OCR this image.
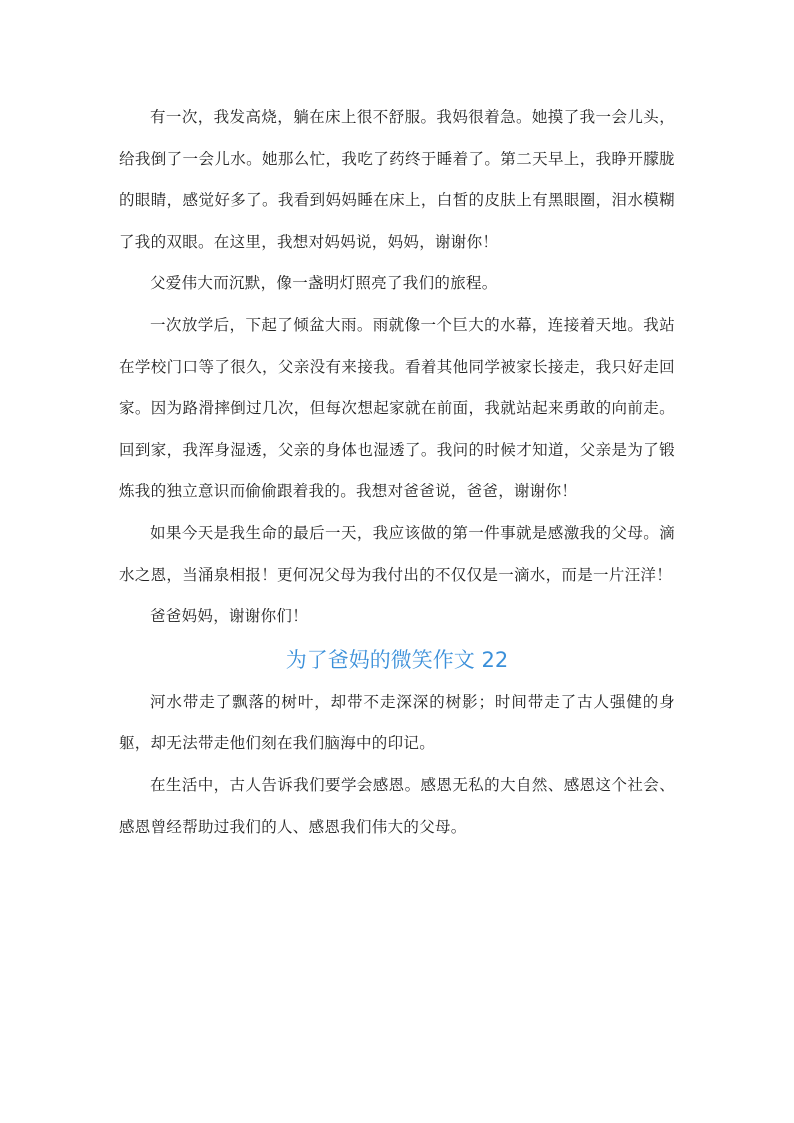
有一次，我发高烧，躺在床上很不舒服。我妈很着急。她摸了我一会儿头，给我倒了一会儿水。她那么忙，我吃了药终于睡着了。第二天早上，我睁开朦胧的眼睛，感觉好多了。我看到妈妈睡在床上，白皙的皮肤上有黑眼圈，泪水模糊了我的双眼。在这里，我想对妈妈说，妈妈，谢谢你！

父爱伟大而沉默，像一盏明灯照亮了我们的旅程。

一次放学后，下起了倾盆大雨。雨就像一个巨大的水幕，连接着天地。我站在学校门口等了很久，父亲没有来接我。看着其他同学被家长接走，我只好走回家。因为路滑摔倒过几次，但每次想起家就在前面，我就站起来勇敢的向前走。回到家，我浑身湿透，父亲的身体也湿透了。我问的时候才知道，父亲是为了锻炼我的独立意识而偷偷跟着我的。我想对爸爸说，爸爸，谢谢你！

如果今天是我生命的最后一天，我应该做的第一件事就是感激我的父母。滴水之恩，当涌泉相报！更何况父母为我付出的不仅仅是一滴水，而是一片汪洋！

爸爸妈妈，谢谢你们！

为了爸妈的微笑作文 22

河水带走了飘落的树叶，却带不走深深的树影；时间带走了古人强健的身躯，却无法带走他们刻在我们脑海中的印记。

在生活中，古人告诉我们要学会感恩。感恩无私的大自然、感恩这个社会、感恩曾经帮助过我们的人、感恩我们伟大的父母。
